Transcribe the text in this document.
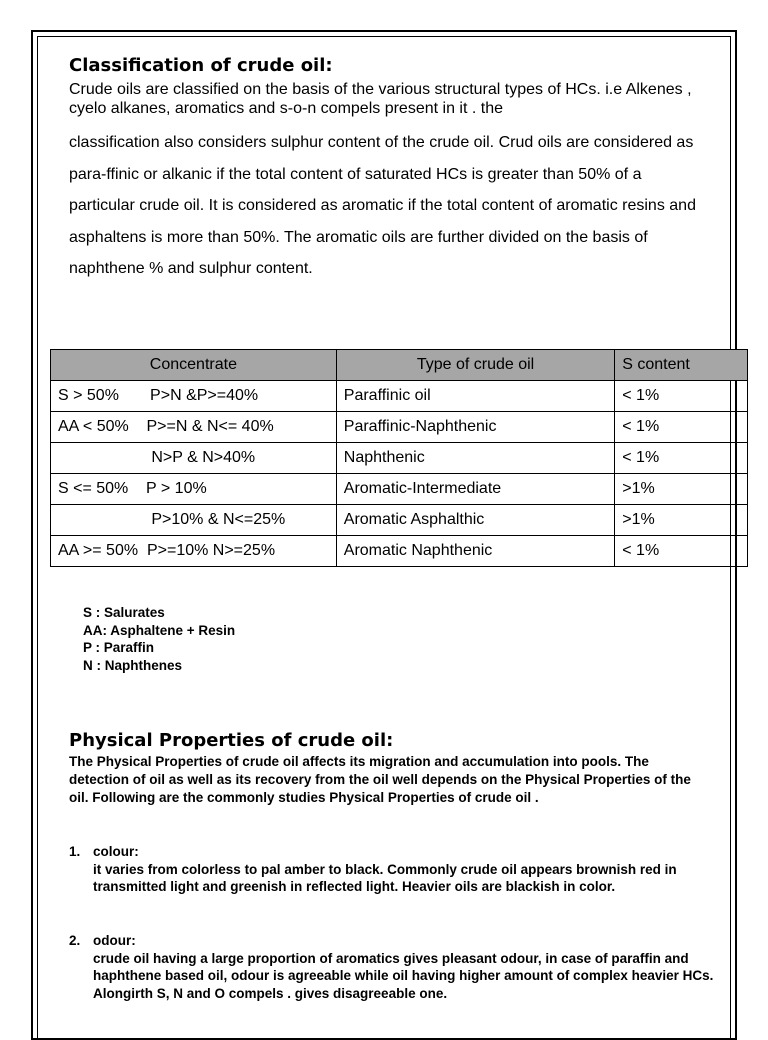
Classification of crude oil:

Crude oils are classified on the basis of the various structural types of HCs. i.e Alkenes , cyelo alkanes, aromatics and s-o-n compels present in it . the

classification also considers sulphur content of the crude oil. Crud oils are considered as para-ffinic or alkanic if the total content of saturated HCs is greater than 50% of a particular crude oil. It is considered as aromatic if the total content of aromatic resins and asphaltens is more than 50%. The aromatic oils are further divided on the basis of naphthene % and sulphur content.

Concentrate	Type of crude oil	S content
S > 50%       P>N &P>=40%	Paraffinic oil	< 1%
AA < 50%    P>=N & N<= 40%	Paraffinic-Naphthenic	< 1%
N>P & N>40%	Naphthenic	< 1%
S <= 50%    P > 10%	Aromatic-Intermediate	>1%
P>10% & N<=25%	Aromatic Asphalthic	>1%
AA >= 50%  P>=10% N>=25%	Aromatic Naphthenic	< 1%
S : Salurates
AA: Asphaltene + Resin
P : Paraffin
N : Naphthenes
Physical Properties of crude oil:
The Physical Properties of crude oil affects its migration and accumulation into pools. The detection of oil as well as its recovery from the oil well depends on the Physical Properties of the oil. Following are the commonly studies Physical Properties of crude oil .
1. colour:
it varies from colorless to pal amber to black. Commonly crude oil appears brownish red in transmitted light and greenish in reflected light. Heavier oils are blackish in color.
2. odour:
crude oil having a large proportion of aromatics gives pleasant odour, in case of paraffin and haphthene based oil, odour is agreeable while oil having higher amount of complex heavier HCs. Alongirth S, N and O compels . gives disagreeable one.
